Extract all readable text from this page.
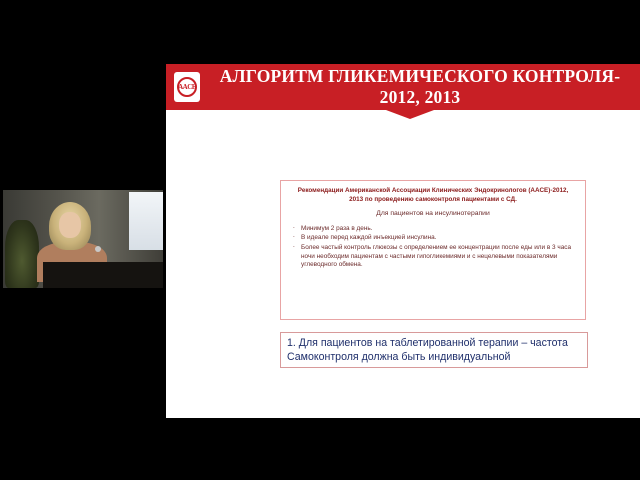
AACE
АЛГОРИТМ ГЛИКЕМИЧЕСКОГО КОНТРОЛЯ-
2012, 2013
Рекомендации Американской Ассоциации Клинических Эндокринологов (AACE)-2012, 2013 по проведению самоконтроля пациентами с СД.
Для пациентов на инсулинотерапии
. Минимум 2 раза в день.
. В идеале перед каждой инъекцией инсулина.
. Более частый контроль глюкозы с определением ее концентрации после еды или в 3 часа ночи необходим пациентам с частыми гипогликемиями и с нецелевыми показателями углеводного обмена.
1. Для пациентов на таблетированной терапии – частота Самоконтроля должна быть индивидуальной
